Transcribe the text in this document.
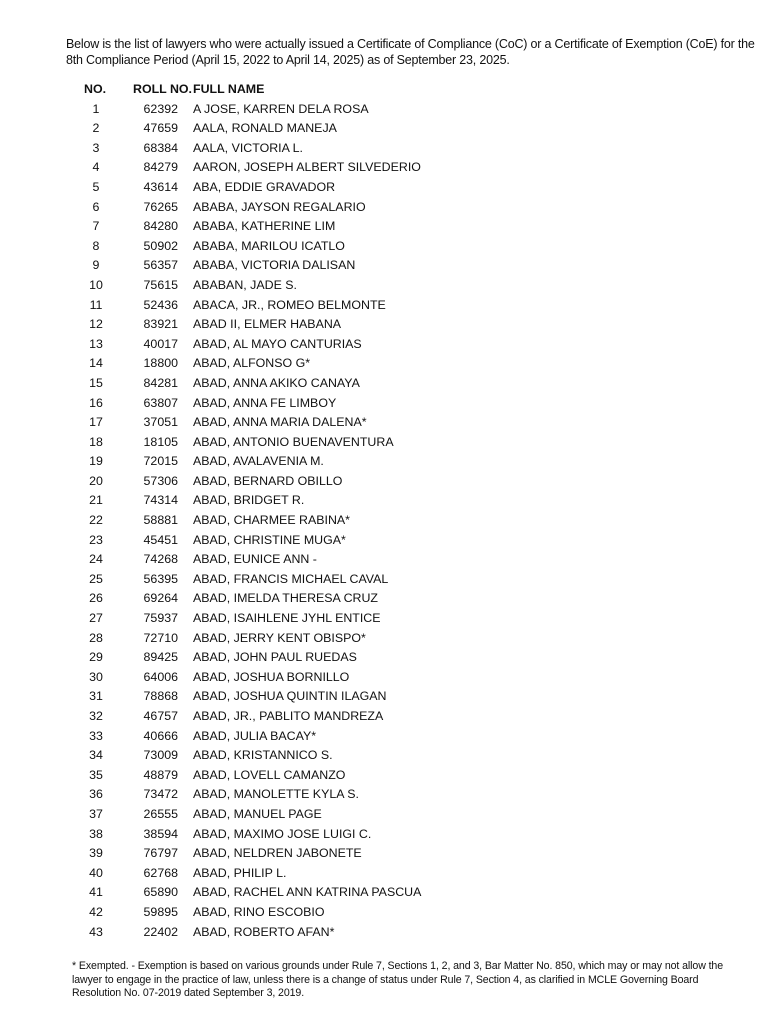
Below is the list of lawyers who were actually issued a Certificate of Compliance (CoC) or a Certificate of Exemption (CoE) for the 8th Compliance Period (April 15, 2022 to April 14, 2025) as of September 23, 2025.
NO. ROLL NO. FULL NAME
1	62392 A JOSE, KARREN DELA ROSA
2	47659 AALA, RONALD MANEJA
3	68384 AALA, VICTORIA L.
4	84279 AARON, JOSEPH ALBERT SILVEDERIO
5	43614 ABA, EDDIE GRAVADOR
6	76265 ABABA, JAYSON REGALARIO
7	84280 ABABA, KATHERINE LIM
8	50902 ABABA, MARILOU ICATLO
9	56357 ABABA, VICTORIA DALISAN
10	75615 ABABAN, JADE S.
11	52436 ABACA, JR., ROMEO BELMONTE
12	83921 ABAD II, ELMER HABANA
13	40017 ABAD, AL MAYO CANTURIAS
14	18800 ABAD, ALFONSO G*
15	84281 ABAD, ANNA AKIKO CANAYA
16	63807 ABAD, ANNA FE LIMBOY
17	37051 ABAD, ANNA MARIA DALENA*
18	18105 ABAD, ANTONIO BUENAVENTURA
19	72015 ABAD, AVALAVENIA M.
20	57306 ABAD, BERNARD OBILLO
21	74314 ABAD, BRIDGET R.
22	58881 ABAD, CHARMEE RABINA*
23	45451 ABAD, CHRISTINE MUGA*
24	74268 ABAD, EUNICE ANN -
25	56395 ABAD, FRANCIS MICHAEL CAVAL
26	69264 ABAD, IMELDA THERESA CRUZ
27	75937 ABAD, ISAIHLENE JYHL ENTICE
28	72710 ABAD, JERRY KENT OBISPO*
29	89425 ABAD, JOHN PAUL RUEDAS
30	64006 ABAD, JOSHUA BORNILLO
31	78868 ABAD, JOSHUA QUINTIN ILAGAN
32	46757 ABAD, JR., PABLITO MANDREZA
33	40666 ABAD, JULIA BACAY*
34	73009 ABAD, KRISTANNICO S.
35	48879 ABAD, LOVELL CAMANZO
36	73472 ABAD, MANOLETTE KYLA S.
37	26555 ABAD, MANUEL PAGE
38	38594 ABAD, MAXIMO JOSE LUIGI C.
39	76797 ABAD, NELDREN JABONETE
40	62768 ABAD, PHILIP L.
41	65890 ABAD, RACHEL ANN KATRINA PASCUA
42	59895 ABAD, RINO ESCOBIO
43	22402 ABAD, ROBERTO AFAN*
* Exempted. - Exemption is based on various grounds under Rule 7, Sections 1, 2, and 3, Bar Matter No. 850, which may or may not allow the lawyer to engage in the practice of law, unless there is a change of status under Rule 7, Section 4, as clarified in MCLE Governing Board Resolution No. 07-2019 dated September 3, 2019.
